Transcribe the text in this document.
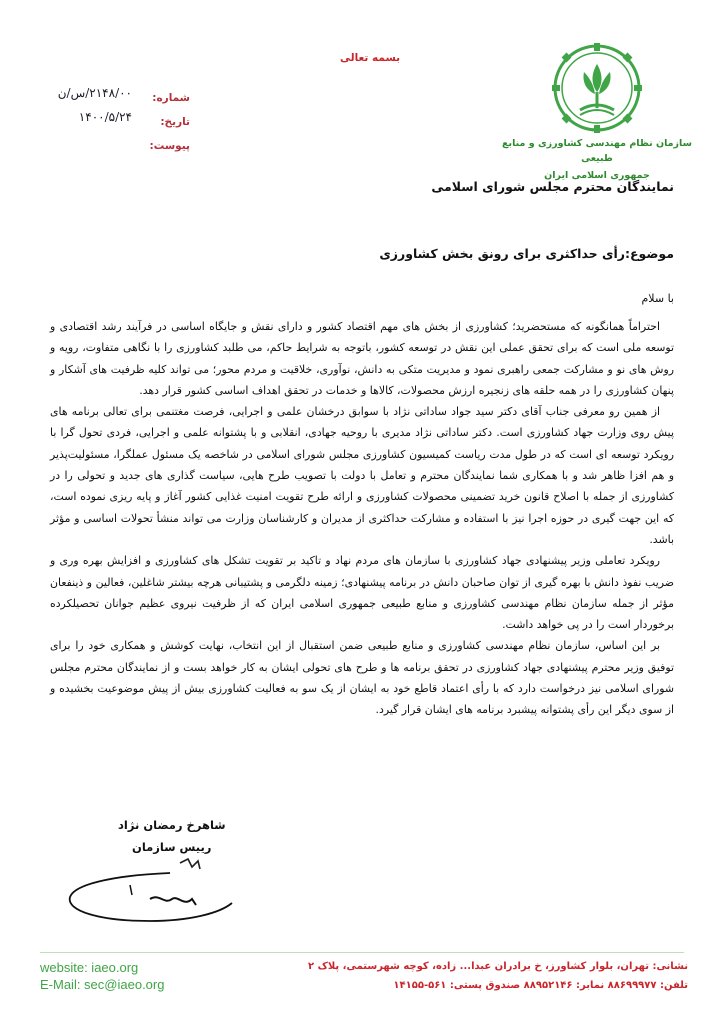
سازمان نظام مهندسی کشاورزی و منابع طبیعی
جمهوری اسلامی ایران
بسمه تعالی
شماره:
۲۱۴۸/۰۰/س/ن
تاریخ:
۱۴۰۰/۵/۲۴
پیوست:
نمایندگان محترم مجلس شورای اسلامی
موضوع:رأی حداکثری برای رونق بخش کشاورزی
با سلام

احتراماً همانگونه که مستحضرید؛ کشاورزی از بخش های مهم اقتصاد کشور و دارای نقش و جایگاه اساسی در فرآیند رشد اقتصادی و توسعه ملی است که برای تحقق عملی این نقش در توسعه کشور، باتوجه به شرایط حاکم، می طلبد کشاورزی را با نگاهی متفاوت، رویه و روش های نو و مشارکت جمعی راهبری نمود و مدیریت متکی به دانش، نوآوری، خلاقیت و مردم محور؛ می تواند کلیه ظرفیت های آشکار و پنهان کشاورزی را در همه حلقه های زنجیره ارزش محصولات، کالاها و خدمات در تحقق اهداف اساسی کشور قرار دهد.

از همین رو معرفی جناب آقای دکتر سید جواد ساداتی نژاد با سوابق درخشان علمی و اجرایی، فرصت مغتنمی برای تعالی برنامه های پیش روی وزارت جهاد کشاورزی است. دکتر ساداتی نژاد مدیری با روحیه جهادی، انقلابی و با پشتوانه علمی و اجرایی، فردی تحول گرا با رویکرد توسعه ای است که در طول مدت ریاست کمیسیون کشاورزی مجلس شورای اسلامی در شاخصه یک مسئول عملگرا، مسئولیت‌پذیر و هم افزا ظاهر شد و با همکاری شما نمایندگان محترم و تعامل با دولت با تصویب طرح هایی، سیاست گذاری های جدید و تحولی را در کشاورزی از جمله با اصلاح قانون خرید تضمینی محصولات کشاورزی و ارائه طرح تقویت امنیت غذایی کشور آغاز و پایه ریزی نموده است، که این جهت گیری در حوزه اجرا نیز با استفاده و مشارکت حداکثری از مدیران و کارشناسان وزارت می تواند منشأ تحولات اساسی و مؤثر باشد.

رویکرد تعاملی وزیر پیشنهادی جهاد کشاورزی با سازمان های مردم نهاد و تاکید بر تقویت تشکل های کشاورزی و افزایش بهره وری و ضریب نفوذ دانش با بهره گیری از توان صاحبان دانش در برنامه پیشنهادی؛ زمینه دلگرمی و پشتیبانی هرچه بیشتر شاغلین، فعالین و ذینفعان مؤثر از جمله سازمان نظام مهندسی کشاورزی و منابع طبیعی جمهوری اسلامی ایران که از ظرفیت نیروی عظیم جوانان تحصیلکرده برخوردار است را در پی خواهد داشت.

بر این اساس، سازمان نظام مهندسی کشاورزی و منابع طبیعی ضمن استقبال از این انتخاب، نهایت کوشش و همکاری خود را برای توفیق وزیر محترم پیشنهادی جهاد کشاورزی در تحقق برنامه ها و طرح های تحولی ایشان به کار خواهد بست و از نمایندگان محترم مجلس شورای اسلامی نیز درخواست دارد که با رأی اعتماد قاطع خود به ایشان از یک سو به فعالیت کشاورزی بیش از پیش موضوعیت بخشیده و از سوی دیگر این رأی پشتوانه پیشبرد برنامه های ایشان قرار گیرد.

شاهرخ رمضان نژاد
رییس سازمان
website: iaeo.org
E-Mail: sec@iaeo.org
نشانی: تهران، بلوار کشاورز، خ برادران عبدا... زاده، کوچه شهرستمی، پلاک ۲
تلفن: ۸۸۶۹۹۹۷۷ نمابر: ۸۸۹۵۲۱۴۶ صندوق پستی: ۵۶۱-۱۴۱۵۵
